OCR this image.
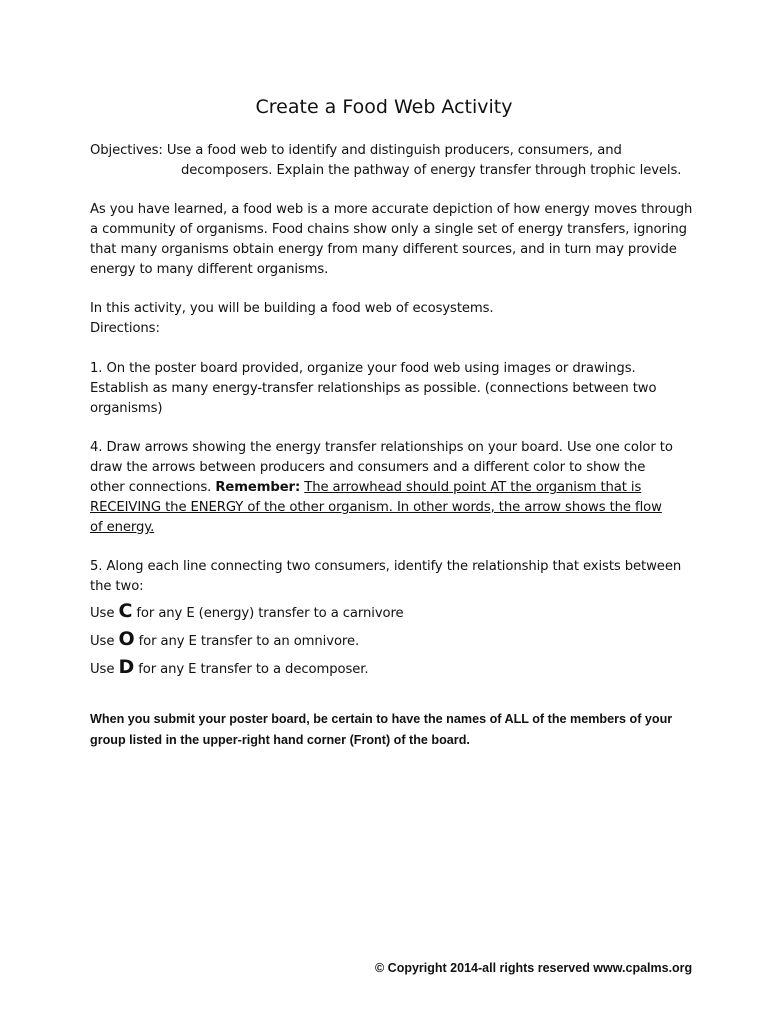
Create a Food Web Activity
Objectives: Use a food web to identify and distinguish producers, consumers, and
decomposers. Explain the pathway of energy transfer through trophic levels.
As you have learned, a food web is a more accurate depiction of how energy moves through
a community of organisms. Food chains show only a single set of energy transfers, ignoring
that many organisms obtain energy from many different sources, and in turn may provide
energy to many different organisms.
In this activity, you will be building a food web of ecosystems.
Directions:
1. On the poster board provided, organize your food web using images or drawings.
Establish as many energy-transfer relationships as possible. (connections between two
organisms)
4. Draw arrows showing the energy transfer relationships on your board. Use one color to
draw the arrows between producers and consumers and a different color to show the
other connections. Remember: The arrowhead should point AT the organism that is
RECEIVING the ENERGY of the other organism. In other words, the arrow shows the flow
of energy.
5. Along each line connecting two consumers, identify the relationship that exists between
the two:
Use C for any E (energy) transfer to a carnivore
Use O for any E transfer to an omnivore.
Use D for any E transfer to a decomposer.
When you submit your poster board, be certain to have the names of ALL of the members of your
group listed in the upper-right hand corner (Front) of the board.
© Copyright 2014-all rights reserved www.cpalms.org
